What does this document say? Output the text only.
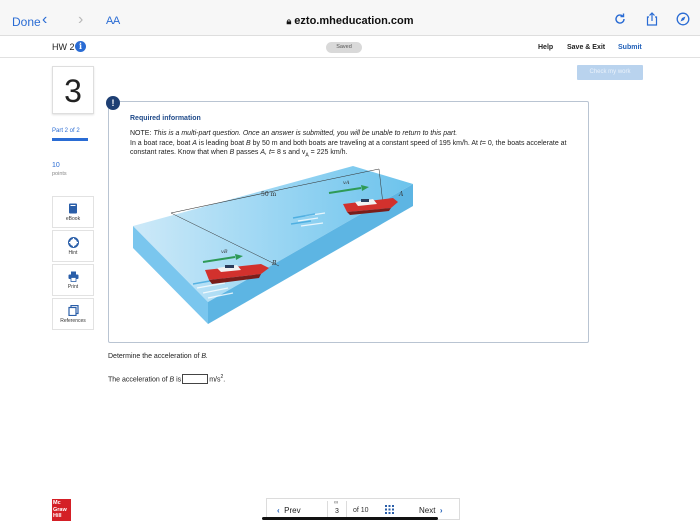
Done ‹ › AA	🔒︎ ezto.mheducation.com
HW 2 i	Saved	Help Save & Exit Submit
Check my work
3
Part 2 of 2
10
points
eBook
Hint
Print
References
!
Required information
NOTE: This is a multi-part question. Once an answer is submitted, you will be unable to return to this part.
In a boat race, boat A is leading boat B by 50 m and both boats are traveling at a constant speed of 195 km/h. At t= 0, the boats accelerate at constant rates. Know that when B passes A, t= 8 s and $v_A = 225$ km/h.
50 m	A
vA
B
vB
Determine the acceleration of B.
The acceleration of B is	$m/s^2$.
Mc
Graw
Hill
‹ Prev
∞
3	of 10	Next ›
